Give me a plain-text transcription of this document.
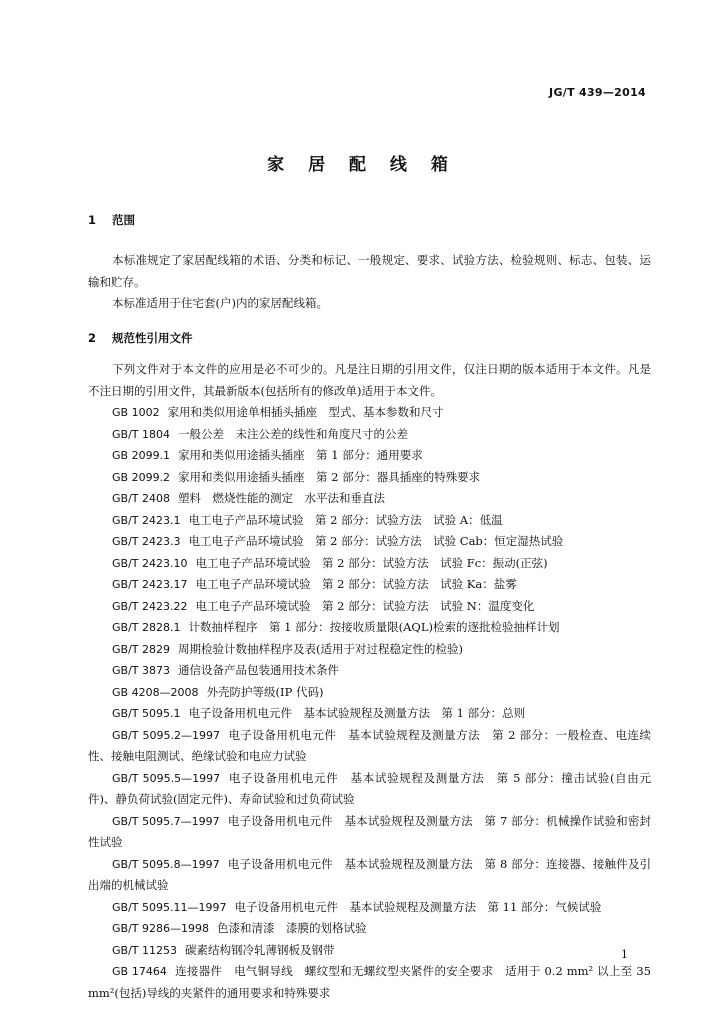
JG/T 439—2014
家 居 配 线 箱
1 范围
本标准规定了家居配线箱的术语、分类和标记、一般规定、要求、试验方法、检验规则、标志、包装、运输和贮存。
本标准适用于住宅套(户)内的家居配线箱。
2 规范性引用文件
下列文件对于本文件的应用是必不可少的。凡是注日期的引用文件，仅注日期的版本适用于本文件。凡是不注日期的引用文件，其最新版本(包括所有的修改单)适用于本文件。
GB 1002 家用和类似用途单相插头插座　型式、基本参数和尺寸
GB/T 1804 一般公差　未注公差的线性和角度尺寸的公差
GB 2099.1 家用和类似用途插头插座　第 1 部分：通用要求
GB 2099.2 家用和类似用途插头插座　第 2 部分：器具插座的特殊要求
GB/T 2408 塑料　燃烧性能的测定　水平法和垂直法
GB/T 2423.1 电工电子产品环境试验　第 2 部分：试验方法　试验 A：低温
GB/T 2423.3 电工电子产品环境试验　第 2 部分：试验方法　试验 Cab：恒定湿热试验
GB/T 2423.10 电工电子产品环境试验　第 2 部分：试验方法　试验 Fc：振动(正弦)
GB/T 2423.17 电工电子产品环境试验　第 2 部分：试验方法　试验 Ka：盐雾
GB/T 2423.22 电工电子产品环境试验　第 2 部分：试验方法　试验 N：温度变化
GB/T 2828.1 计数抽样程序　第 1 部分：按接收质量限(AQL)检索的逐批检验抽样计划
GB/T 2829 周期检验计数抽样程序及表(适用于对过程稳定性的检验)
GB/T 3873 通信设备产品包装通用技术条件
GB 4208—2008 外壳防护等级(IP 代码)
GB/T 5095.1 电子设备用机电元件　基本试验规程及测量方法　第 1 部分：总则
GB/T 5095.2—1997 电子设备用机电元件　基本试验规程及测量方法　第 2 部分：一般检查、电连续性、接触电阻测试、绝缘试验和电应力试验
GB/T 5095.5—1997 电子设备用机电元件　基本试验规程及测量方法　第 5 部分：撞击试验(自由元件)、静负荷试验(固定元件)、寿命试验和过负荷试验
GB/T 5095.7—1997 电子设备用机电元件　基本试验规程及测量方法　第 7 部分：机械操作试验和密封性试验
GB/T 5095.8—1997 电子设备用机电元件　基本试验规程及测量方法　第 8 部分：连接器、接触件及引出端的机械试验
GB/T 5095.11—1997 电子设备用机电元件　基本试验规程及测量方法　第 11 部分：气候试验
GB/T 9286—1998 色漆和清漆　漆膜的划格试验
GB/T 11253 碳素结构钢冷轧薄钢板及钢带
GB 17464 连接器件　电气铜导线　螺纹型和无螺纹型夹紧件的安全要求　适用于 0.2 mm² 以上至 35 mm²(包括)导线的夹紧件的通用要求和特殊要求
1
